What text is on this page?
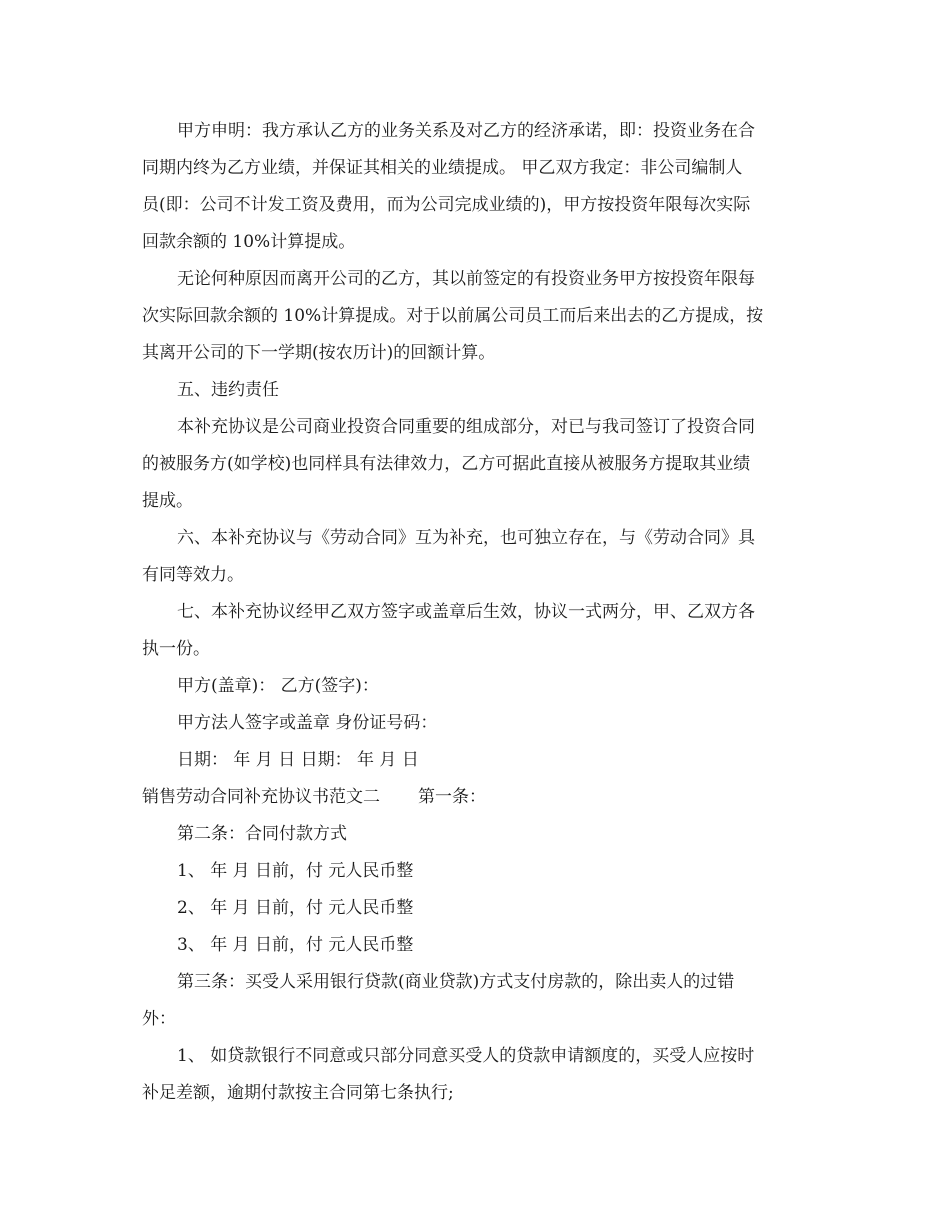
甲方申明：我方承认乙方的业务关系及对乙方的经济承诺，即：投资业务在合
同期内终为乙方业绩，并保证其相关的业绩提成。 甲乙双方我定：非公司编制人
员(即：公司不计发工资及费用，而为公司完成业绩的)，甲方按投资年限每次实际
回款余额的 10%计算提成。
无论何种原因而离开公司的乙方，其以前签定的有投资业务甲方按投资年限每
次实际回款余额的 10%计算提成。对于以前属公司员工而后来出去的乙方提成，按
其离开公司的下一学期(按农历计)的回额计算。
五、违约责任
本补充协议是公司商业投资合同重要的组成部分，对已与我司签订了投资合同
的被服务方(如学校)也同样具有法律效力，乙方可据此直接从被服务方提取其业绩
提成。
六、本补充协议与《劳动合同》互为补充，也可独立存在，与《劳动合同》具
有同等效力。
七、本补充协议经甲乙双方签字或盖章后生效，协议一式两分，甲、乙双方各
执一份。
甲方(盖章)： 乙方(签字)：
甲方法人签字或盖章 身份证号码：
日期： 年 月 日 日期： 年 月 日
销售劳动合同补充协议书范文二 第一条：
第二条：合同付款方式
1、 年 月 日前，付 元人民币整
2、 年 月 日前，付 元人民币整
3、 年 月 日前，付 元人民币整
第三条：买受人采用银行贷款(商业贷款)方式支付房款的，除出卖人的过错
外：
1、 如贷款银行不同意或只部分同意买受人的贷款申请额度的，买受人应按时
补足差额，逾期付款按主合同第七条执行;
